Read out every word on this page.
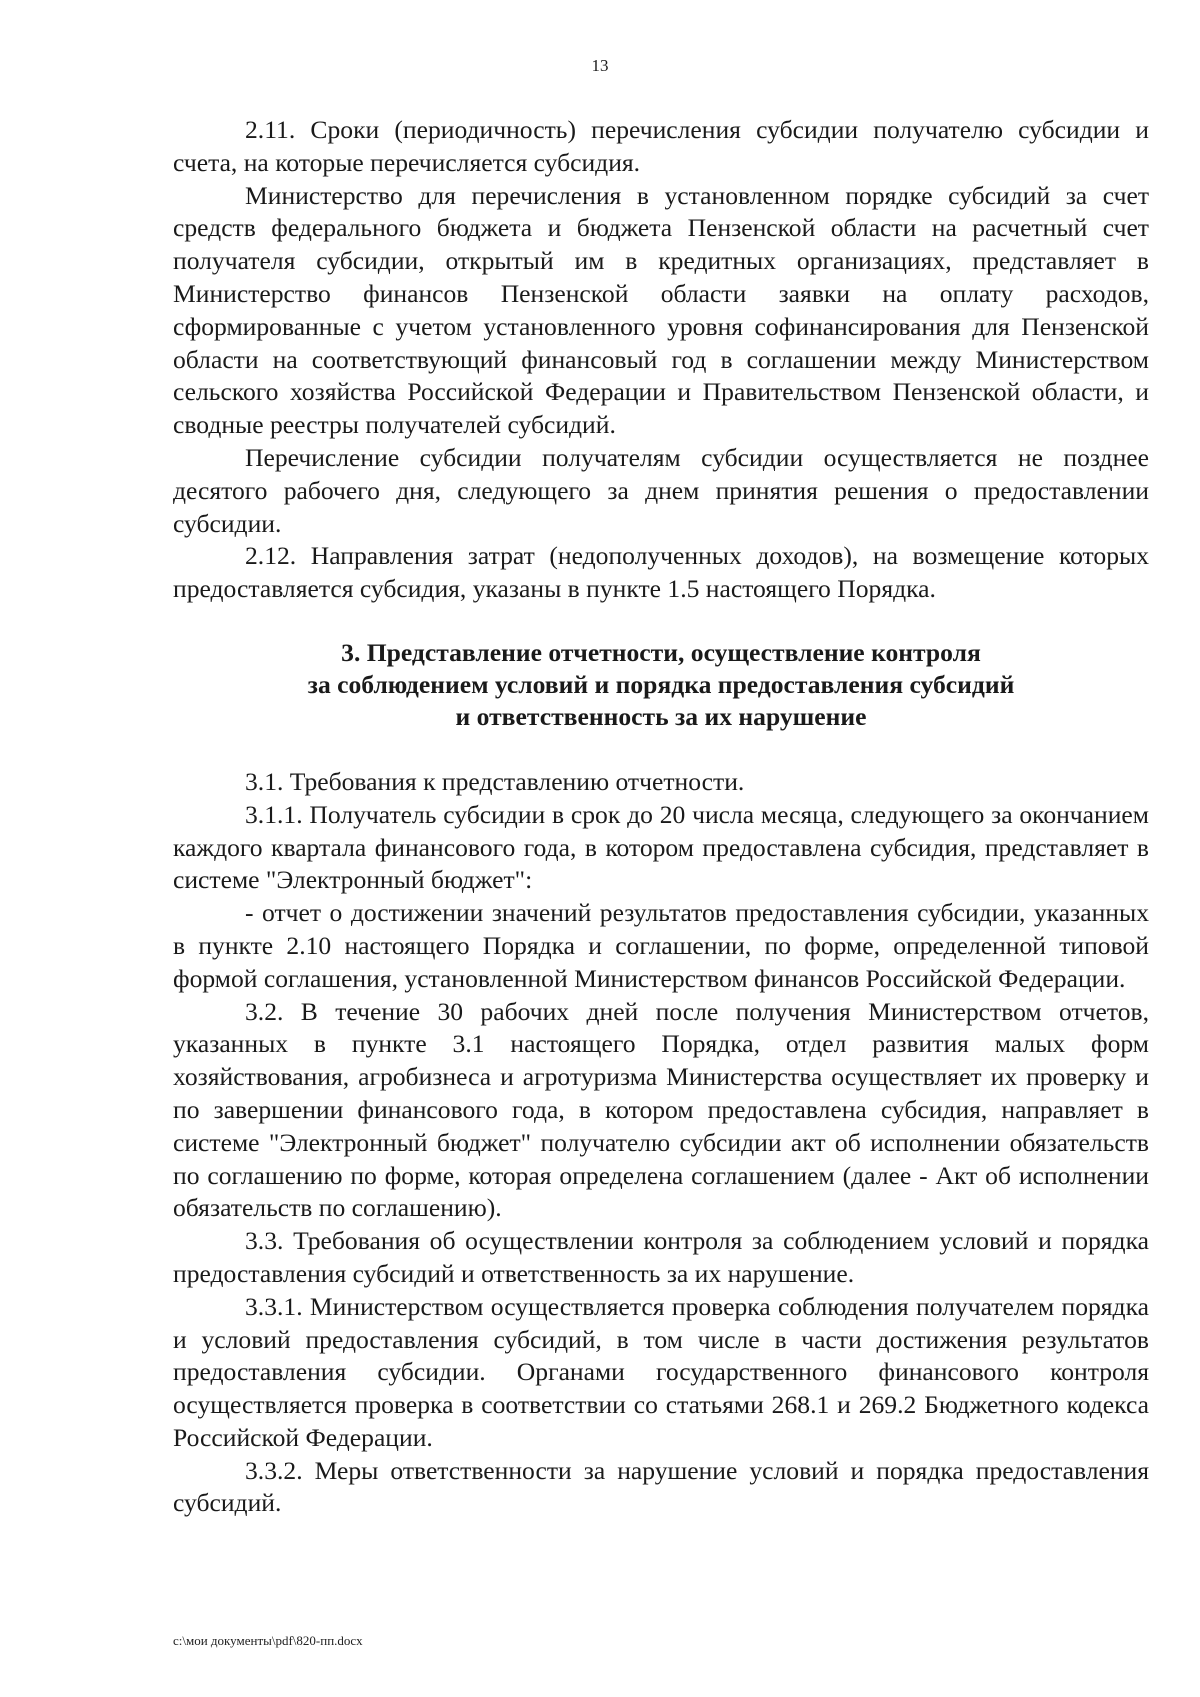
13

2.11. Сроки (периодичность) перечисления субсидии получателю субсидии и счета, на которые перечисляется субсидия.

Министерство для перечисления в установленном порядке субсидий за счет средств федерального бюджета и бюджета Пензенской области на расчетный счет получателя субсидии, открытый им в кредитных организациях, представляет в Министерство финансов Пензенской области заявки на оплату расходов, сформированные с учетом установленного уровня софинансирования для Пензенской области на соответствующий финансовый год в соглашении между Министерством сельского хозяйства Российской Федерации и Правительством Пензенской области, и сводные реестры получателей субсидий.

Перечисление субсидии получателям субсидии осуществляется не позднее десятого рабочего дня, следующего за днем принятия решения о предоставлении субсидии.

2.12. Направления затрат (недополученных доходов), на возмещение которых предоставляется субсидия, указаны в пункте 1.5 настоящего Порядка.

3. Представление отчетности, осуществление контроля
за соблюдением условий и порядка предоставления субсидий
и ответственность за их нарушение

3.1. Требования к представлению отчетности.

3.1.1. Получатель субсидии в срок до 20 числа месяца, следующего за окончанием каждого квартала финансового года, в котором предоставлена субсидия, представляет в системе "Электронный бюджет":

- отчет о достижении значений результатов предоставления субсидии, указанных в пункте 2.10 настоящего Порядка и соглашении, по форме, определенной типовой формой соглашения, установленной Министерством финансов Российской Федерации.

3.2. В течение 30 рабочих дней после получения Министерством отчетов, указанных в пункте 3.1 настоящего Порядка, отдел развития малых форм хозяйствования, агробизнеса и агротуризма Министерства осуществляет их проверку и по завершении финансового года, в котором предоставлена субсидия, направляет в системе "Электронный бюджет" получателю субсидии акт об исполнении обязательств по соглашению по форме, которая определена соглашением (далее - Акт об исполнении обязательств по соглашению).

3.3. Требования об осуществлении контроля за соблюдением условий и порядка предоставления субсидий и ответственность за их нарушение.

3.3.1. Министерством осуществляется проверка соблюдения получателем порядка и условий предоставления субсидий, в том числе в части достижения результатов предоставления субсидии. Органами государственного финансового контроля осуществляется проверка в соответствии со статьями 268.1 и 269.2 Бюджетного кодекса Российской Федерации.

3.3.2. Меры ответственности за нарушение условий и порядка предоставления субсидий.

c:\мои документы\pdf\820-пп.docx
